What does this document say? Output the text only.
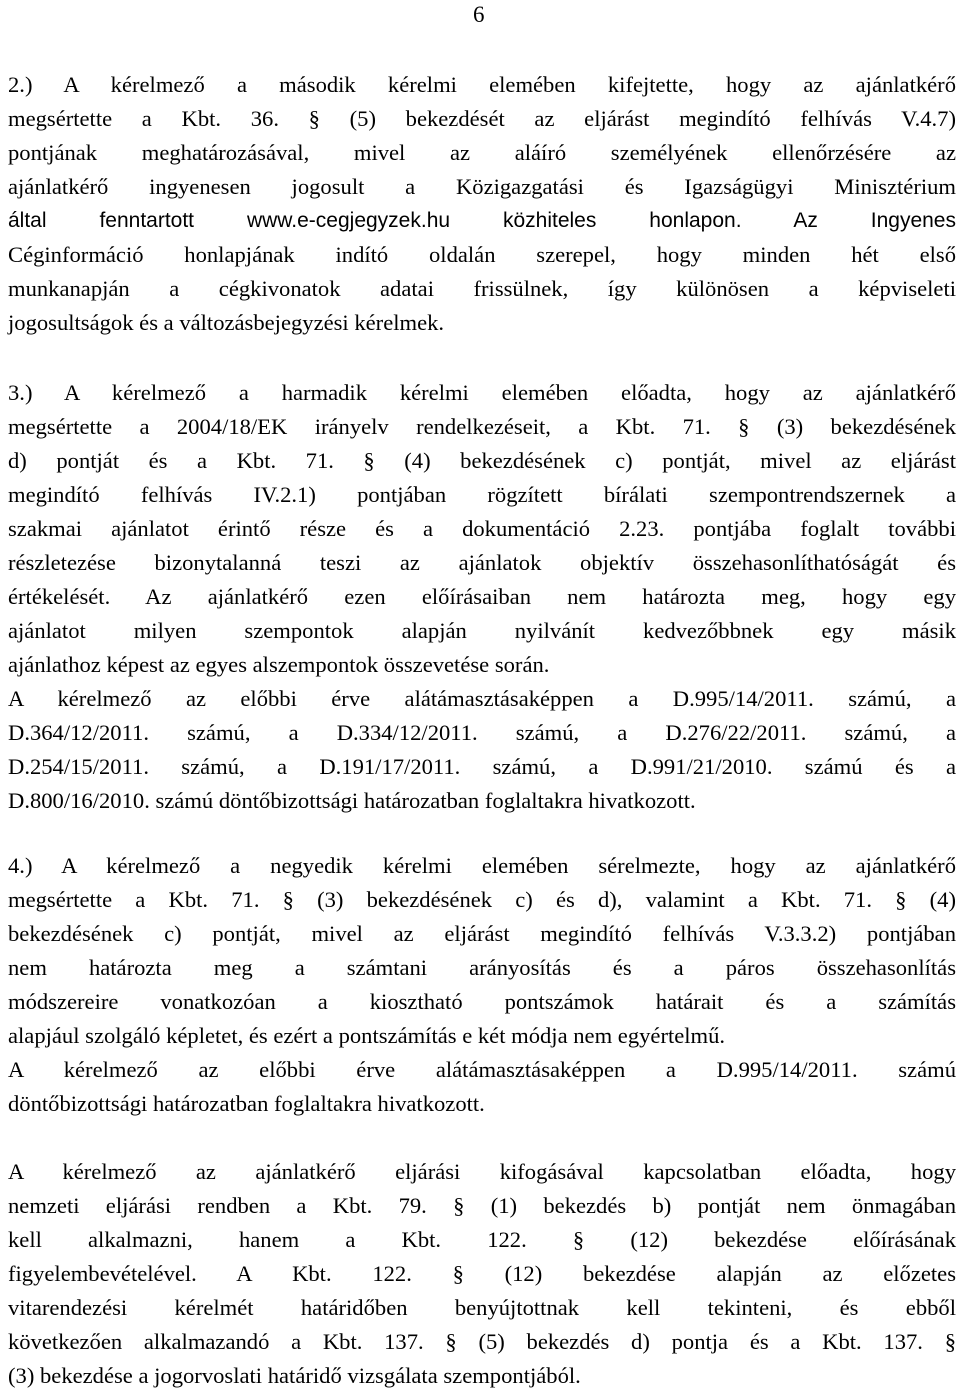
6
2.) A kérelmező a második kérelmi elemében kifejtette, hogy az ajánlatkérő
megsértette a Kbt. 36. § (5) bekezdését az eljárást megindító felhívás V.4.7)
pontjának meghatározásával, mivel az aláíró személyének ellenőrzésére az
ajánlatkérő ingyenesen jogosult a Közigazgatási és Igazságügyi Minisztérium
által fenntartott www.e-cegjegyzek.hu közhiteles honlapon. Az Ingyenes
Céginformáció honlapjának indító oldalán szerepel, hogy minden hét első
munkanapján a cégkivonatok adatai frissülnek, így különösen a képviseleti
jogosultságok és a változásbejegyzési kérelmek.
3.) A kérelmező a harmadik kérelmi elemében előadta, hogy az ajánlatkérő
megsértette a 2004/18/EK irányelv rendelkezéseit, a Kbt. 71. § (3) bekezdésének
d) pontját és a Kbt. 71. § (4) bekezdésének c) pontját, mivel az eljárást
megindító felhívás IV.2.1) pontjában rögzített bírálati szempontrendszernek a
szakmai ajánlatot érintő része és a dokumentáció 2.23. pontjába foglalt további
részletezése bizonytalanná teszi az ajánlatok objektív összehasonlíthatóságát és
értékelését. Az ajánlatkérő ezen előírásaiban nem határozta meg, hogy egy
ajánlatot milyen szempontok alapján nyilvánít kedvezőbbnek egy másik
ajánlathoz képest az egyes alszempontok összevetése során.
A kérelmező az előbbi érve alátámasztásaképpen a D.995/14/2011. számú, a
D.364/12/2011. számú, a D.334/12/2011. számú, a D.276/22/2011. számú, a
D.254/15/2011. számú, a D.191/17/2011. számú, a D.991/21/2010. számú és a
D.800/16/2010. számú döntőbizottsági határozatban foglaltakra hivatkozott.
4.) A kérelmező a negyedik kérelmi elemében sérelmezte, hogy az ajánlatkérő
megsértette a Kbt. 71. § (3) bekezdésének c) és d), valamint a Kbt. 71. § (4)
bekezdésének c) pontját, mivel az eljárást megindító felhívás V.3.3.2) pontjában
nem határozta meg a számtani arányosítás és a páros összehasonlítás
módszereire vonatkozóan a kiosztható pontszámok határait és a számítás
alapjául szolgáló képletet, és ezért a pontszámítás e két módja nem egyértelmű.
A kérelmező az előbbi érve alátámasztásaképpen a D.995/14/2011. számú
döntőbizottsági határozatban foglaltakra hivatkozott.
A kérelmező az ajánlatkérő eljárási kifogásával kapcsolatban előadta, hogy
nemzeti eljárási rendben a Kbt. 79. § (1) bekezdés b) pontját nem önmagában
kell alkalmazni, hanem a Kbt. 122. § (12) bekezdése előírásának
figyelembevételével. A Kbt. 122. § (12) bekezdése alapján az előzetes
vitarendezési kérelmét határidőben benyújtottnak kell tekinteni, és ebből
következően alkalmazandó a Kbt. 137. § (5) bekezdés d) pontja és a Kbt. 137. §
(3) bekezdése a jogorvoslati határidő vizsgálata szempontjából.
